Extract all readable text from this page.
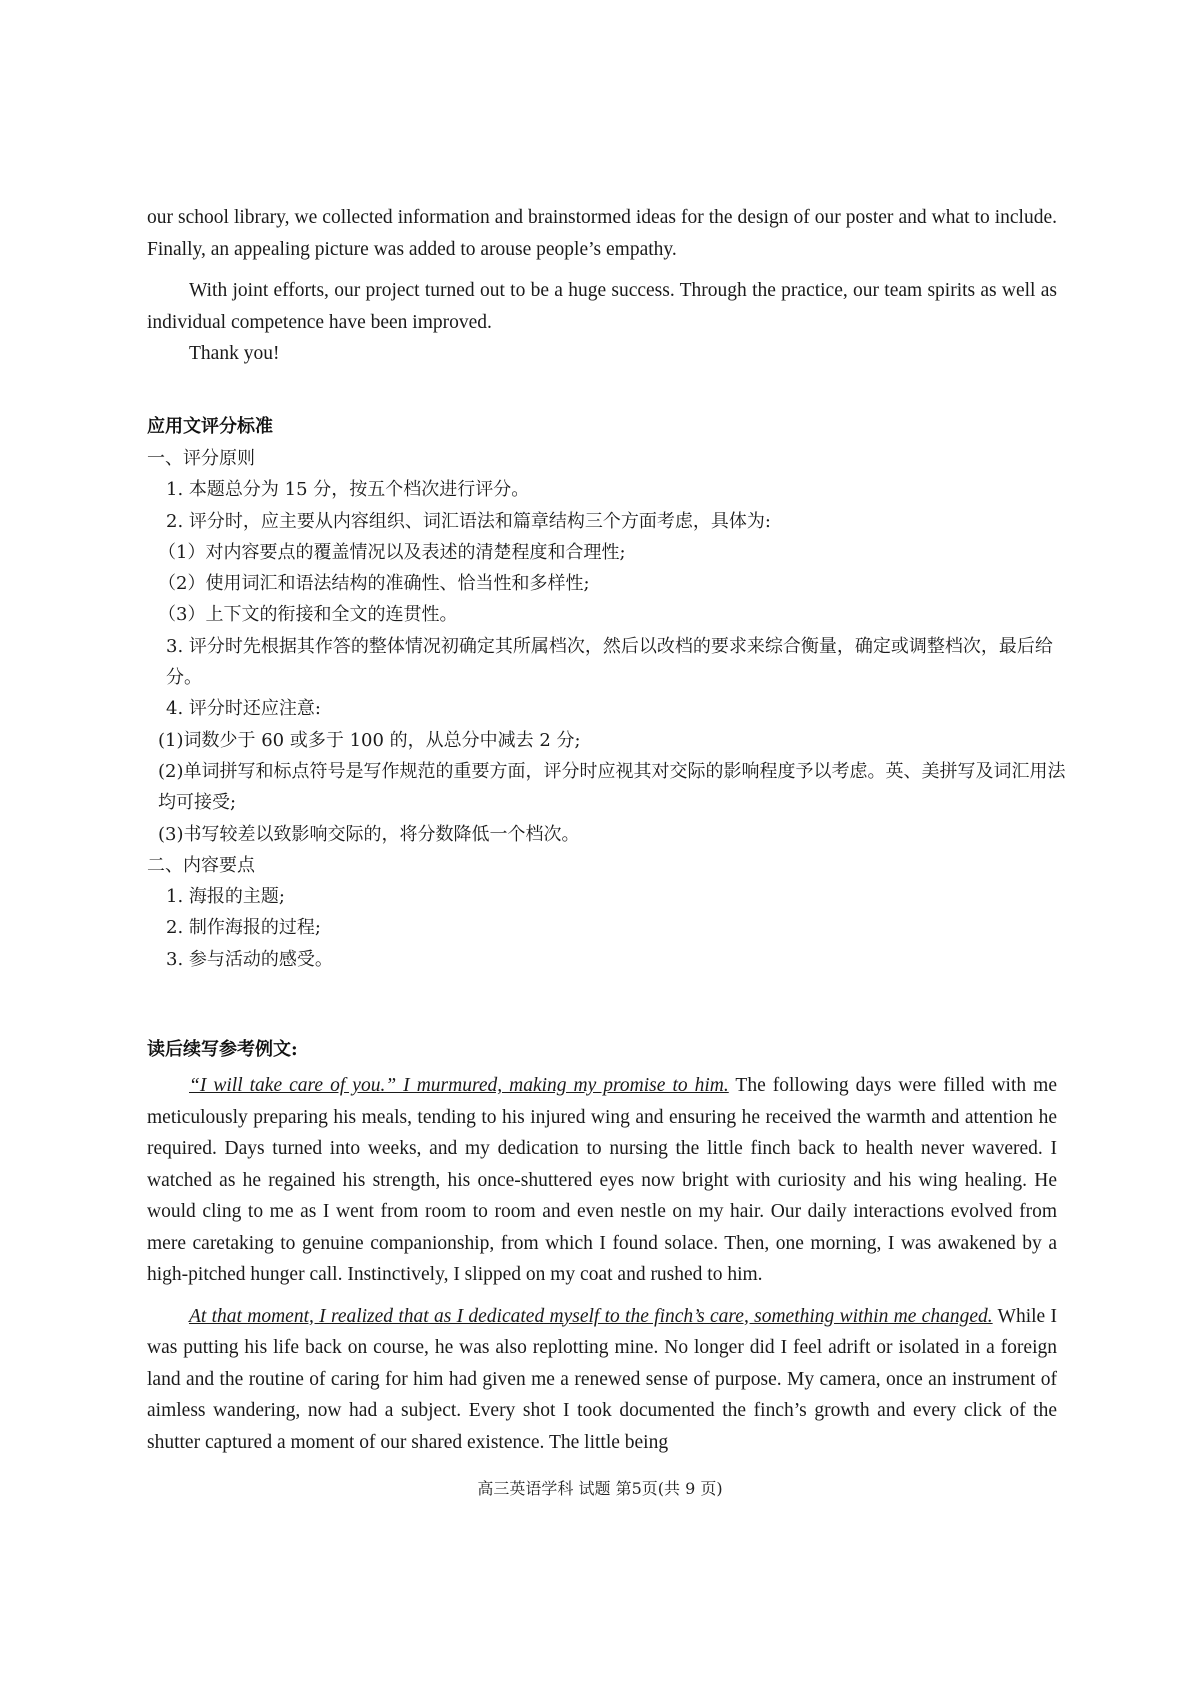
our school library, we collected information and brainstormed ideas for the design of our poster and what to include. Finally, an appealing picture was added to arouse people’s empathy.

With joint efforts, our project turned out to be a huge success. Through the practice, our team spirits as well as individual competence have been improved.

Thank you!

应用文评分标准
一、评分原则
1. 本题总分为 15 分，按五个档次进行评分。
2. 评分时，应主要从内容组织、词汇语法和篇章结构三个方面考虑，具体为:
（1）对内容要点的覆盖情况以及表述的清楚程度和合理性;
（2）使用词汇和语法结构的准确性、恰当性和多样性;
（3）上下文的衔接和全文的连贯性。
3. 评分时先根据其作答的整体情况初确定其所属档次，然后以改档的要求来综合衡量，确定或调整档次，最后给分。
4. 评分时还应注意:
(1)词数少于 60 或多于 100 的，从总分中减去 2 分;
(2)单词拼写和标点符号是写作规范的重要方面，评分时应视其对交际的影响程度予以考虑。英、美拼写及词汇用法均可接受;
(3)书写较差以致影响交际的，将分数降低一个档次。
二、内容要点
1. 海报的主题;
2. 制作海报的过程;
3. 参与活动的感受。
读后续写参考例文:

“I will take care of you.” I murmured, making my promise to him. The following days were filled with me meticulously preparing his meals, tending to his injured wing and ensuring he received the warmth and attention he required. Days turned into weeks, and my dedication to nursing the little finch back to health never wavered. I watched as he regained his strength, his once-shuttered eyes now bright with curiosity and his wing healing. He would cling to me as I went from room to room and even nestle on my hair. Our daily interactions evolved from mere caretaking to genuine companionship, from which I found solace. Then, one morning, I was awakened by a high-pitched hunger call. Instinctively, I slipped on my coat and rushed to him.

At that moment, I realized that as I dedicated myself to the finch’s care, something within me changed. While I was putting his life back on course, he was also replotting mine. No longer did I feel adrift or isolated in a foreign land and the routine of caring for him had given me a renewed sense of purpose. My camera, once an instrument of aimless wandering, now had a subject. Every shot I took documented the finch’s growth and every click of the shutter captured a moment of our shared existence. The little being

高三英语学科 试题 第5页(共 9 页)
